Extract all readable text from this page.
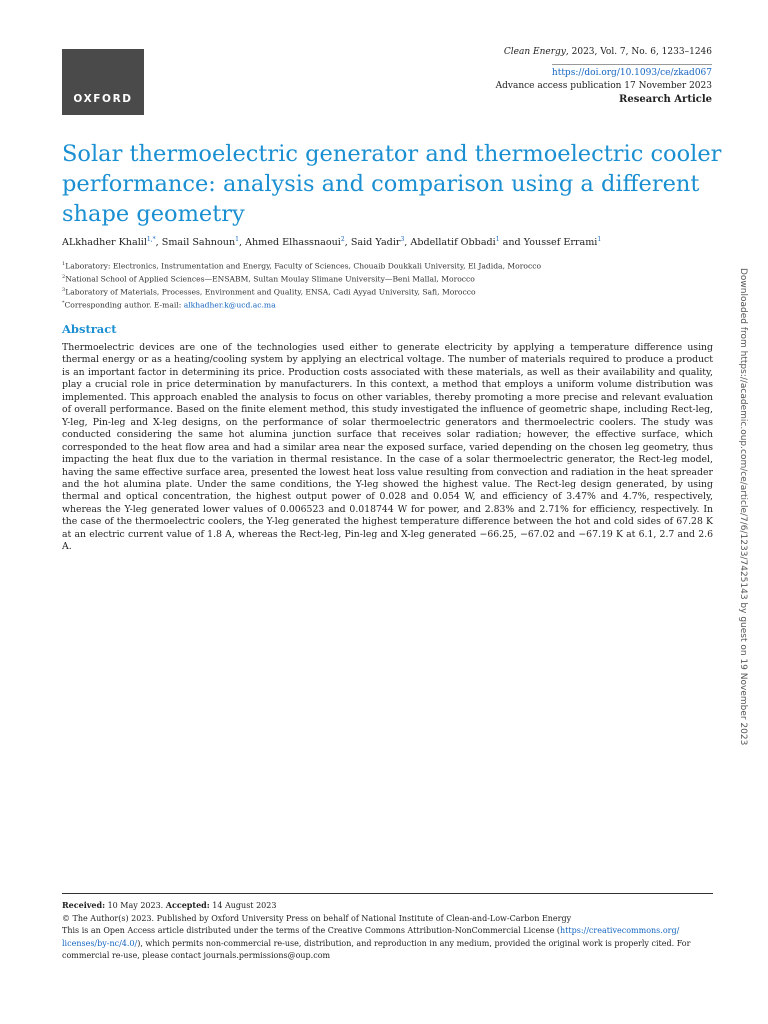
OXFORD
Clean Energy, 2023, Vol. 7, No. 6, 1233–1246
https://doi.org/10.1093/ce/zkad067
Advance access publication 17 November 2023
Research Article
Solar thermoelectric generator and thermoelectric cooler performance: analysis and comparison using a different shape geometry
ALkhadher Khalil$^{1,*}$, Smail Sahnoun$^1$, Ahmed Elhassnaoui$^2$, Said Yadir$^3$, Abdellatif Obbadi$^1$ and Youssef Errami$^1$
$^1$Laboratory: Electronics, Instrumentation and Energy, Faculty of Sciences, Chouaib Doukkali University, El Jadida, Morocco
$^2$National School of Applied Sciences—ENSABM, Sultan Moulay Slimane University—Beni Mallal, Morocco
$^3$Laboratory of Materials, Processes, Environment and Quality, ENSA, Cadi Ayyad University, Safi, Morocco
*Corresponding author. E-mail: alkhadher.k@ucd.ac.ma
Abstract

Thermoelectric devices are one of the technologies used either to generate electricity by applying a temperature difference using thermal energy or as a heating/cooling system by applying an electrical voltage. The number of materials required to produce a product is an important factor in determining its price. Production costs associated with these materials, as well as their availability and quality, play a crucial role in price determination by manufacturers. In this context, a method that employs a uniform volume distribution was implemented. This approach enabled the analysis to focus on other variables, thereby promoting a more precise and relevant evaluation of overall performance. Based on the finite element method, this study investigated the influence of geometric shape, including Rect-leg, Y-leg, Pin-leg and X-leg designs, on the performance of solar thermoelectric generators and thermoelectric coolers. The study was conducted considering the same hot alumina junction surface that receives solar radiation; however, the effective surface, which corresponded to the heat flow area and had a similar area near the exposed surface, varied depending on the chosen leg geometry, thus impacting the heat flux due to the variation in thermal resistance. In the case of a solar thermoelectric generator, the Rect-leg model, having the same effective surface area, presented the lowest heat loss value resulting from convection and radiation in the heat spreader and the hot alumina plate. Under the same conditions, the Y-leg showed the highest value. The Rect-leg design generated, by using thermal and optical concentration, the highest output power of 0.028 and 0.054 W, and efficiency of 3.47% and 4.7%, respectively, whereas the Y-leg generated lower values of 0.006523 and 0.018744 W for power, and 2.83% and 2.71% for efficiency, respectively. In the case of the thermoelectric coolers, the Y-leg generated the highest temperature difference between the hot and cold sides of 67.28 K at an electric current value of 1.8 A, whereas the Rect-leg, Pin-leg and X-leg generated −66.25, −67.02 and −67.19 K at 6.1, 2.7 and 2.6 A.	Downloaded from https://academic.oup.com/ce/article/7/6/1233/7425143 by guest on 19 November 2023
Received: 10 May 2023. Accepted: 14 August 2023
© The Author(s) 2023. Published by Oxford University Press on behalf of National Institute of Clean-and-Low-Carbon Energy
This is an Open Access article distributed under the terms of the Creative Commons Attribution-NonCommercial License (https://creativecommons.org/
licenses/by-nc/4.0/), which permits non-commercial re-use, distribution, and reproduction in any medium, provided the original work is properly cited. For
commercial re-use, please contact journals.permissions@oup.com
